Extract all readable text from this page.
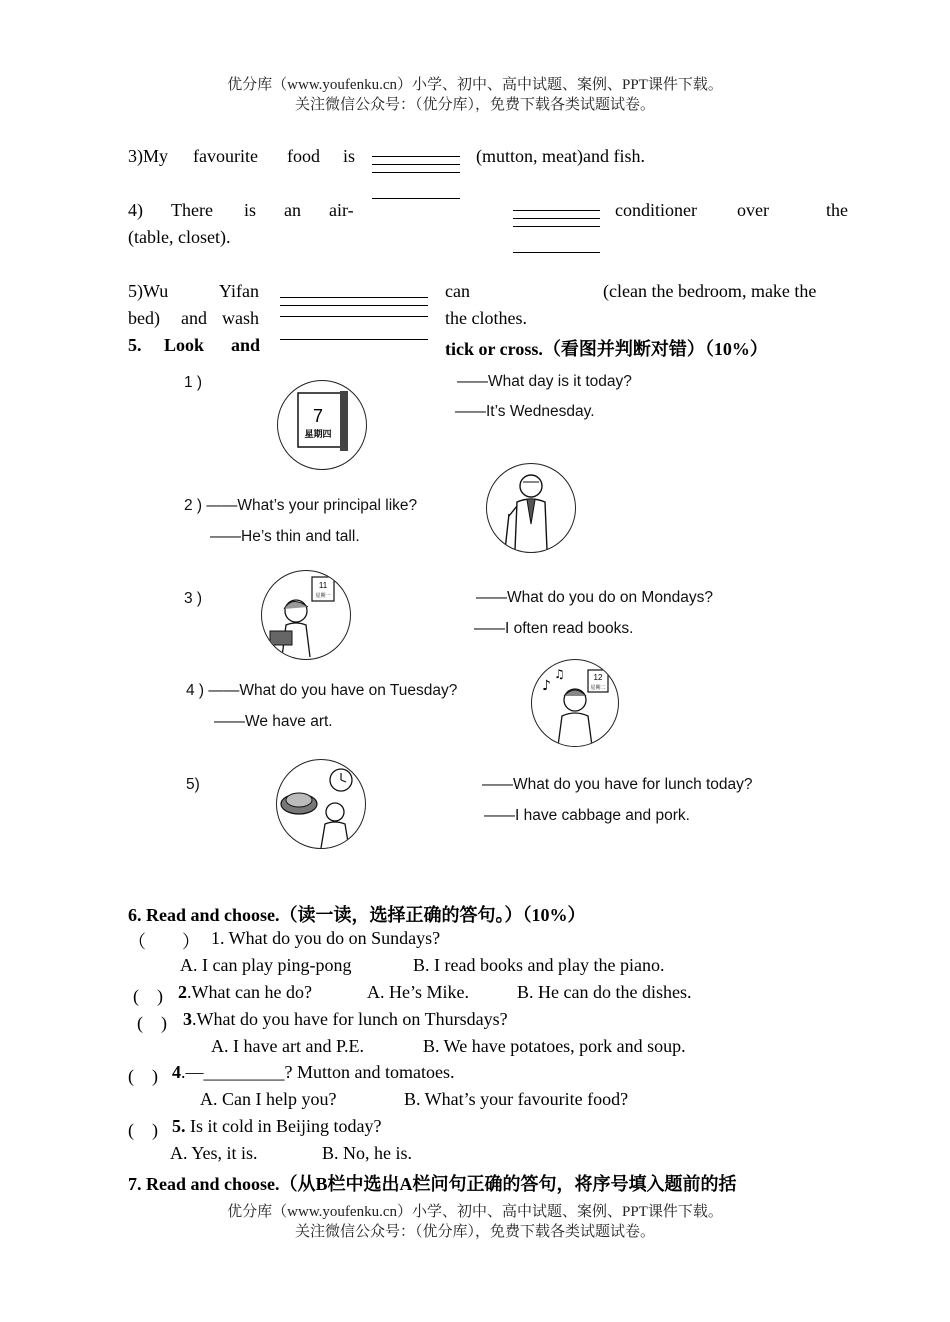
优分库（www.youfenku.cn）小学、初中、高中试题、案例、PPT课件下载。
关注微信公众号：（优分库），免费下载各类试题试卷。
3)My favourite food is	(mutton, meat)and fish.
4) There is an air-	conditioner over	the
(table, closet).
5)Wu	Yifan	can	(clean the bedroom, make the
bed) and wash	the clothes.
5. Look and	tick or cross.（看图并判断对错）（10%）
1 )
7
星期四
——What day is it today?
——It’s Wednesday.
2 ) ——What’s your principal like?
——He’s thin and tall.
3 )
11
星期一	——What do you do on Mondays?
——I often read books.
4 ) ——What do you have on Tuesday?
——We have art.
♪
♫	12
星期二
5)	——What do you have for lunch today?
——I have cabbage and pork.
6. Read and choose.（读一读，选择正确的答句。）（10%）
（　　） 1. What do you do on Sundays?
A. I can play ping-pong	B. I read books and play the piano.
(　) 2.What can he do?	A. He’s Mike.	B. He can do the dishes.
(　) 3.What do you have for lunch on Thursdays?
A. I have art and P.E.	B. We have potatoes, pork and soup.
(　) 4.—_________? Mutton and tomatoes.
A. Can I help you?	B. What’s your favourite food?
(　) 5. Is it cold in Beijing today?
A. Yes, it is.	B. No, he is.
7. Read and choose.（从B栏中选出A栏问句正确的答句，将序号填入题前的括
优分库（www.youfenku.cn）小学、初中、高中试题、案例、PPT课件下载。
关注微信公众号：（优分库），免费下载各类试题试卷。
